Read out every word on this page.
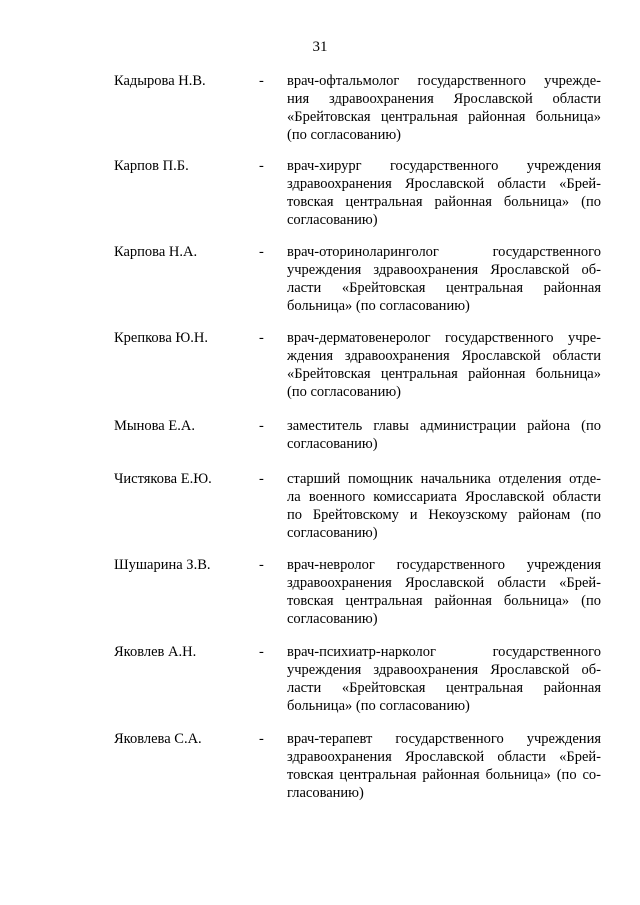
31
Кадырова Н.В.	- врач-офтальмолог государственного учрежде-
ния здравоохранения Ярославской области
«Брейтовская центральная районная больница»
(по согласованию)
Карпов П.Б.	- врач-хирург государственного учреждения
здравоохранения Ярославской области «Брей-
товская центральная районная больница» (по
согласованию)
Карпова Н.А.	- врач-оториноларинголог государственного
учреждения здравоохранения Ярославской об-
ласти «Брейтовская центральная районная
больница» (по согласованию)
Крепкова Ю.Н.	- врач-дерматовенеролог государственного учре-
ждения здравоохранения Ярославской области
«Брейтовская центральная районная больница»
(по согласованию)
Мынова Е.А.	- заместитель главы администрации района (по
согласованию)
Чистякова Е.Ю.	- старший помощник начальника отделения отде-
ла военного комиссариата Ярославской области
по Брейтовскому и Некоузскому районам (по
согласованию)
Шушарина З.В.	- врач-невролог государственного учреждения
здравоохранения Ярославской области «Брей-
товская центральная районная больница» (по
согласованию)
Яковлев А.Н.	- врач-психиатр-нарколог государственного
учреждения здравоохранения Ярославской об-
ласти «Брейтовская центральная районная
больница» (по согласованию)
Яковлева С.А.	- врач-терапевт государственного учреждения
здравоохранения Ярославской области «Брей-
товская центральная районная больница» (по со-
гласованию)
